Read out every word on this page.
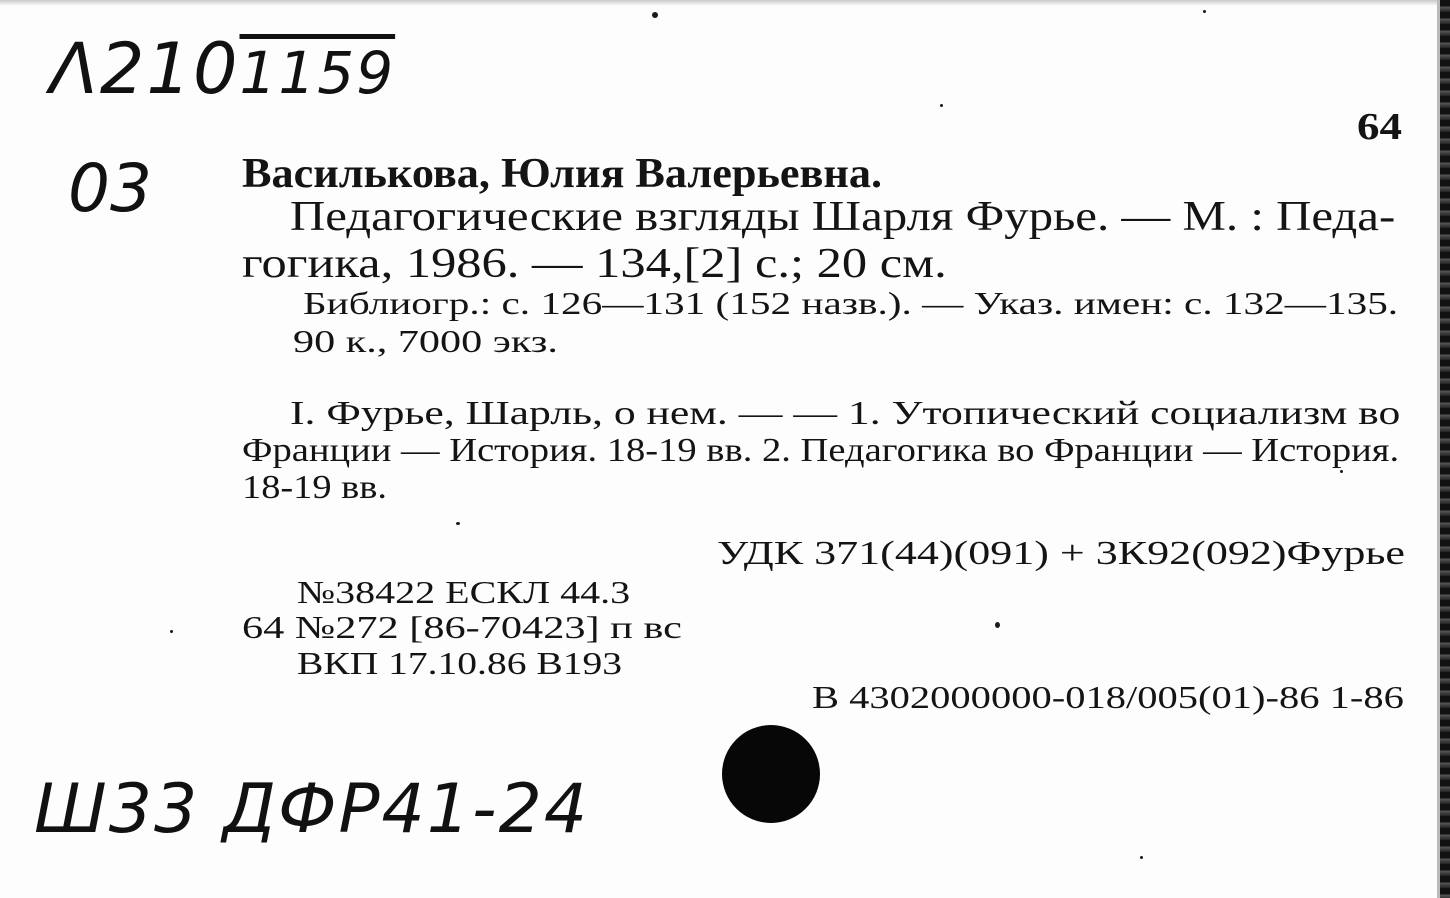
Λ2101159
03
64
Василькова, Юлия Валерьевна.
Педагогические взгляды Шарля Фурье. — М. : Педа-
гогика, 1986. — 134,[2] с.; 20 см.
Библиогр.: с. 126—131 (152 назв.). — Указ. имен: с. 132—135.
90 к., 7000 экз.
I. Фурье, Шарль, о нем. — — 1. Утопический социализм во
Франции — История. 18-19 вв. 2. Педагогика во Франции — История.
18-19 вв.
УДК 371(44)(091) + 3К92(092)Фурье
№38422 ЕСКЛ 44.3
64 №272 [86-70423] п вс
ВКП 17.10.86 В193
В 4302000000-018/005(01)-86 1-86
Ш33 ДФР41-24
